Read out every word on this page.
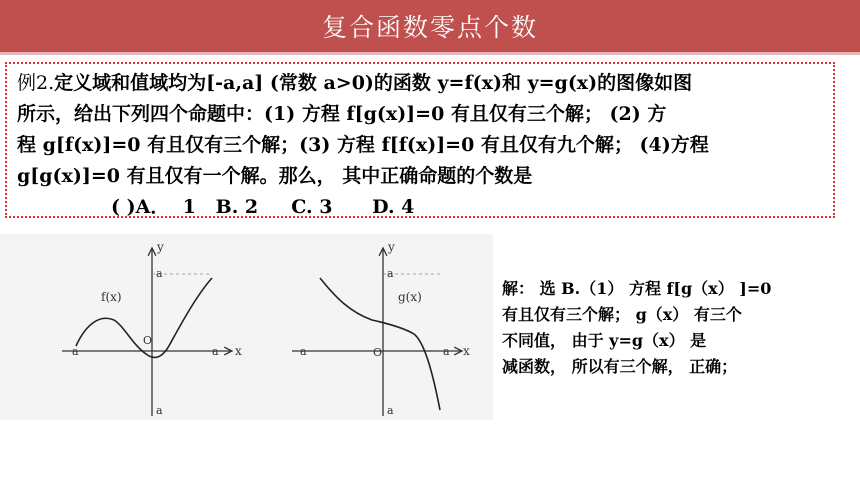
复合函数零点个数
例2.定义域和值域均为[-a,a] (常数 a>0)的函数 y=f(x)和 y=g(x)的图像如图
所示，给出下列四个命题中：(1) 方程 f[g(x)]=0 有且仅有三个解； (2) 方
程 g[f(x)]=0 有且仅有三个解；(3) 方程 f[f(x)]=0 有且仅有九个解； (4)方程
g[g(x)]=0 有且仅有一个解。那么， 其中正确命题的个数是
( )A．  1   B. 2     C. 3      D. 4
y
x
f(x)
O
a
a
a
a
y
x
g(x)
O
a
a
a
a
解： 选 B.（1） 方程 f[g（x） ]=0
有且仅有三个解； g（x） 有三个
不同值， 由于 y=g（x） 是
减函数， 所以有三个解， 正确；
